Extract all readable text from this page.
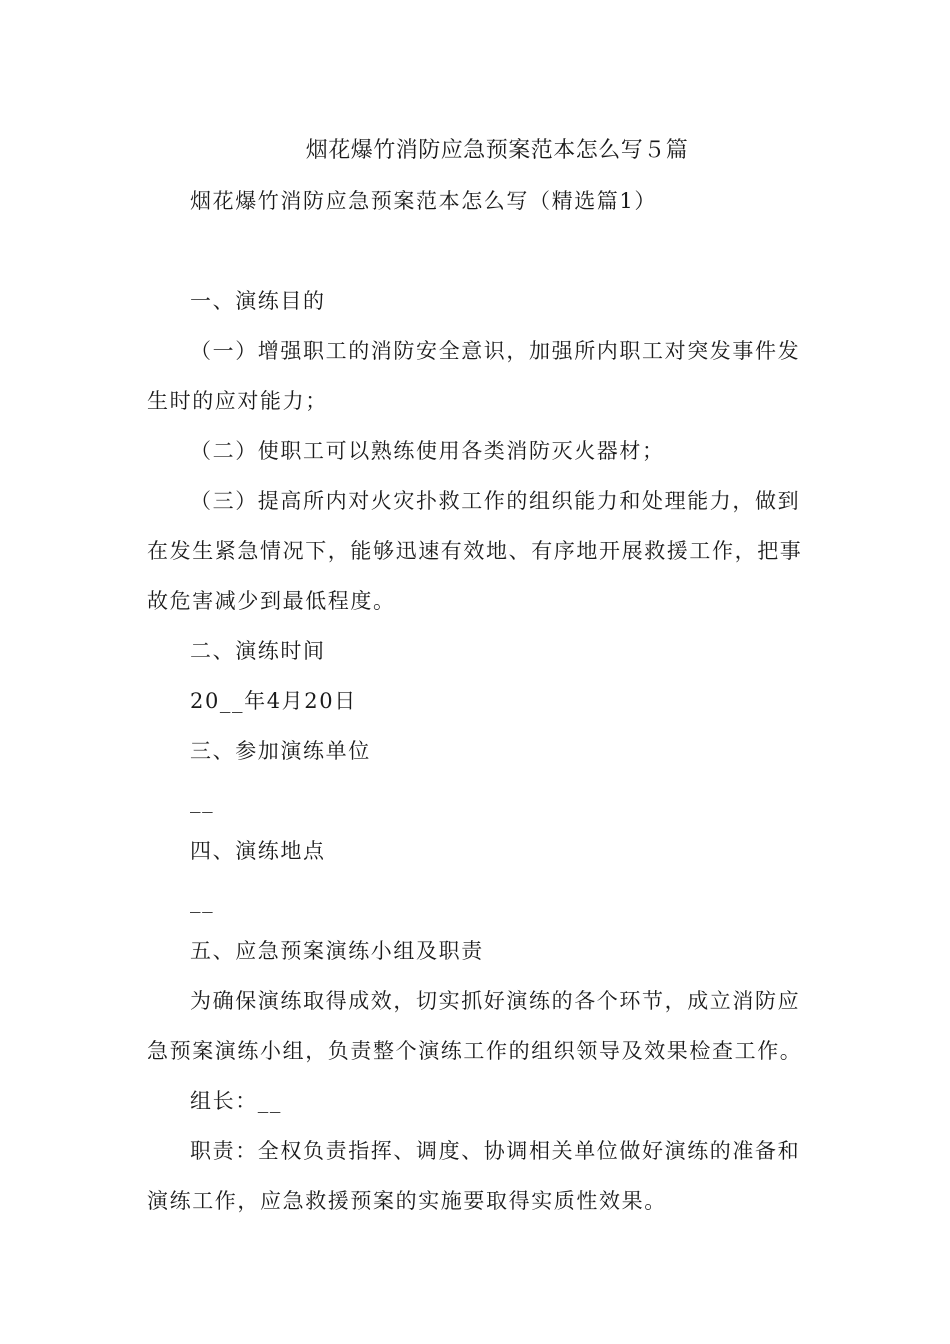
烟花爆竹消防应急预案范本怎么写５篇
烟花爆竹消防应急预案范本怎么写（精选篇1）
一、演练目的
（一）增强职工的消防安全意识，加强所内职工对突发事件发
生时的应对能力；
（二）使职工可以熟练使用各类消防灭火器材；
（三）提高所内对火灾扑救工作的组织能力和处理能力，做到
在发生紧急情况下，能够迅速有效地、有序地开展救援工作，把事
故危害减少到最低程度。
二、演练时间
20__年4月20日
三、参加演练单位
__
四、演练地点
__
五、应急预案演练小组及职责
为确保演练取得成效，切实抓好演练的各个环节，成立消防应
急预案演练小组，负责整个演练工作的组织领导及效果检查工作。
组长：__
职责：全权负责指挥、调度、协调相关单位做好演练的准备和
演练工作，应急救援预案的实施要取得实质性效果。
